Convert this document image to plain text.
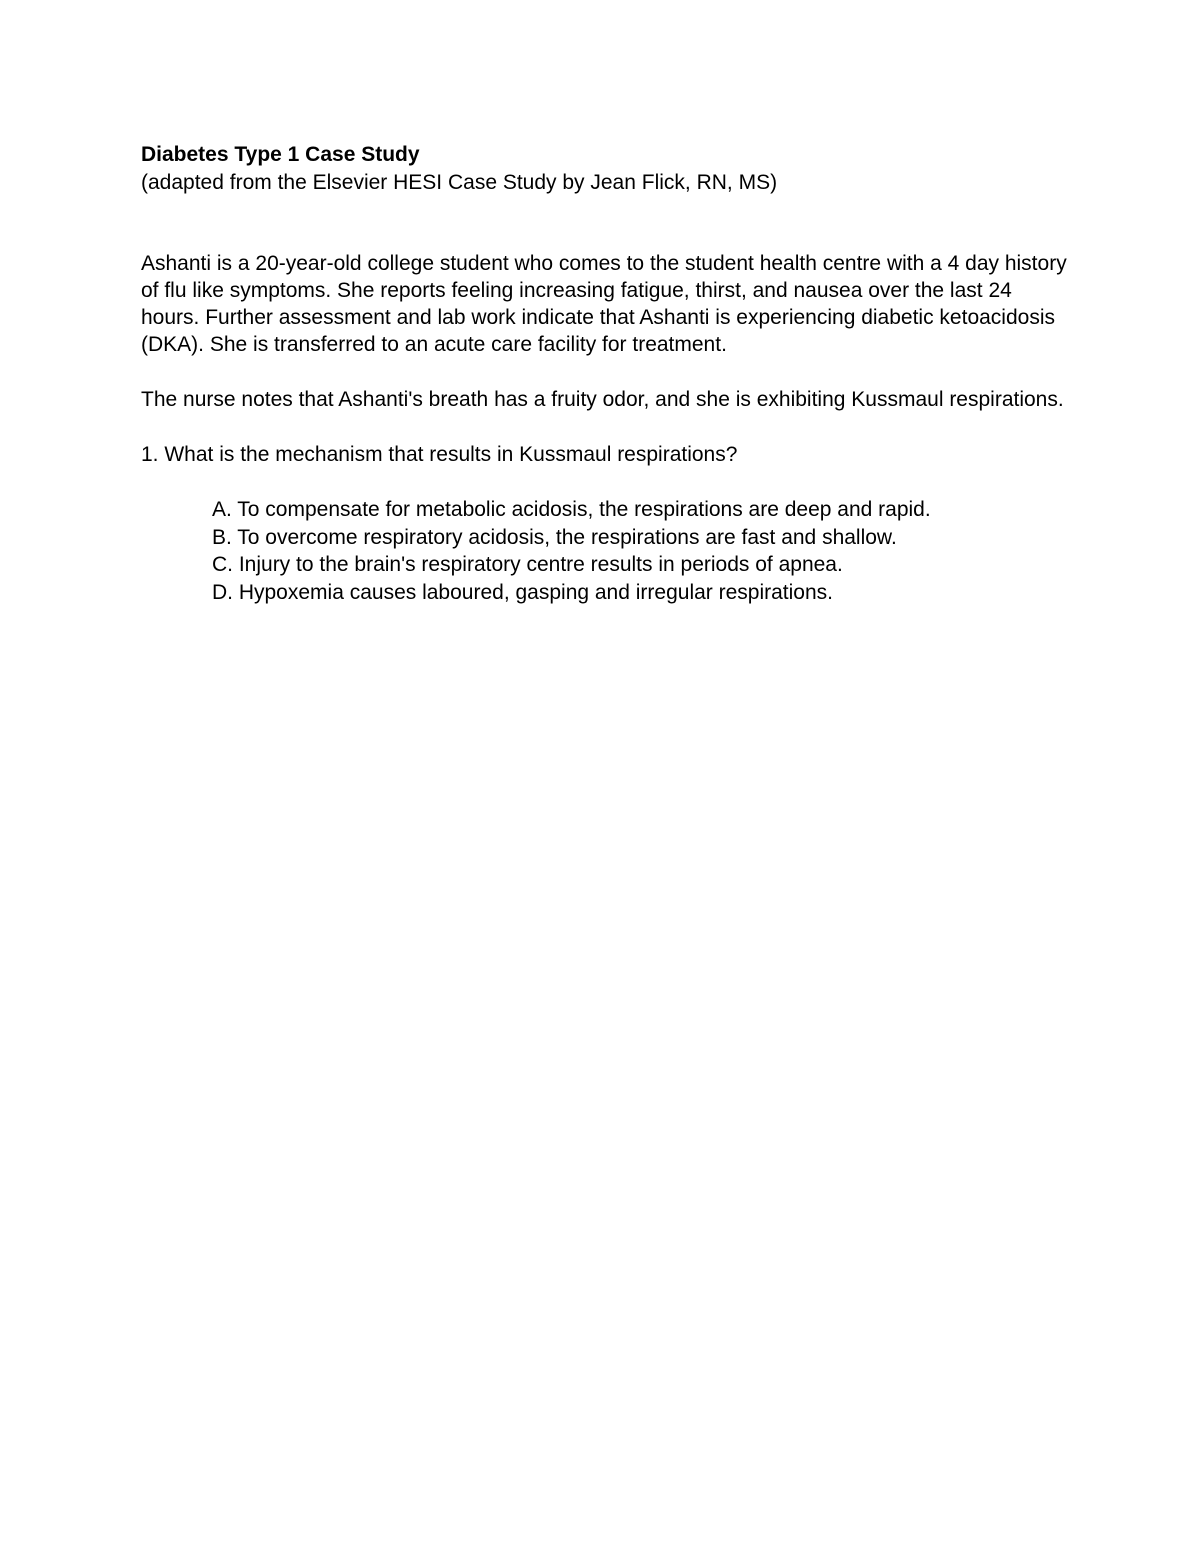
Diabetes Type 1 Case Study

(adapted from the Elsevier HESI Case Study by Jean Flick, RN, MS)

Ashanti is a 20-year-old college student who comes to the student health centre with a 4 day history of flu like symptoms. She reports feeling increasing fatigue, thirst, and nausea over the last 24 hours. Further assessment and lab work indicate that Ashanti is experiencing diabetic ketoacidosis (DKA). She is transferred to an acute care facility for treatment.

The nurse notes that Ashanti's breath has a fruity odor, and she is exhibiting Kussmaul respirations.

1. What is the mechanism that results in Kussmaul respirations?

A. To compensate for metabolic acidosis, the respirations are deep and rapid.
B. To overcome respiratory acidosis, the respirations are fast and shallow.
C. Injury to the brain's respiratory centre results in periods of apnea.
D. Hypoxemia causes laboured, gasping and irregular respirations.
